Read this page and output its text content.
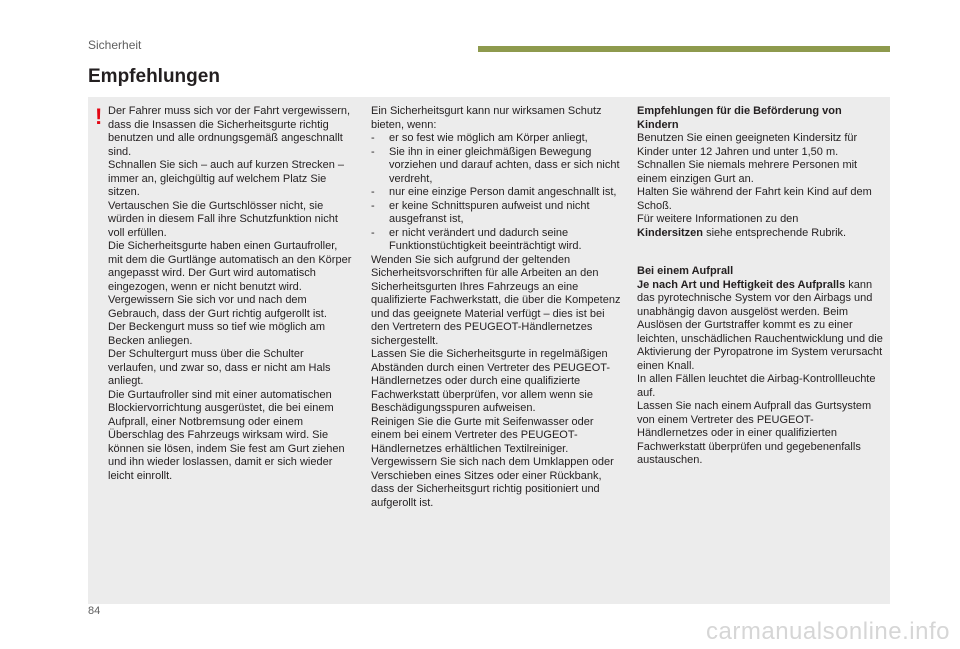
Sicherheit
Empfehlungen
! Der Fahrer muss sich vor der Fahrt vergewissern, dass die Insassen die Sicherheitsgurte richtig benutzen und alle ordnungsgemäß angeschnallt sind.

Schnallen Sie sich – auch auf kurzen Strecken – immer an, gleichgültig auf welchem Platz Sie sitzen.

Vertauschen Sie die Gurtschlösser nicht, sie würden in diesem Fall ihre Schutzfunktion nicht voll erfüllen.

Die Sicherheitsgurte haben einen Gurtaufroller, mit dem die Gurtlänge automatisch an den Körper angepasst wird. Der Gurt wird automatisch eingezogen, wenn er nicht benutzt wird.

Vergewissern Sie sich vor und nach dem Gebrauch, dass der Gurt richtig aufgerollt ist.

Der Beckengurt muss so tief wie möglich am Becken anliegen.

Der Schultergurt muss über die Schulter verlaufen, und zwar so, dass er nicht am Hals anliegt.

Die Gurtaufroller sind mit einer automatischen Blockiervorrichtung ausgerüstet, die bei einem Aufprall, einer Notbremsung oder einem Überschlag des Fahrzeugs wirksam wird. Sie können sie lösen, indem Sie fest am Gurt ziehen und ihn wieder loslassen, damit er sich wieder leicht einrollt.

Ein Sicherheitsgurt kann nur wirksamen Schutz bieten, wenn:

-	er so fest wie möglich am Körper anliegt,
-	Sie ihn in einer gleichmäßigen Bewegung vorziehen und darauf achten, dass er sich nicht verdreht,
-	nur eine einzige Person damit angeschnallt ist,
-	er keine Schnittspuren aufweist und nicht ausgefranst ist,
-	er nicht verändert und dadurch seine Funktionstüchtigkeit beeinträchtigt wird.

Wenden Sie sich aufgrund der geltenden Sicherheitsvorschriften für alle Arbeiten an den Sicherheitsgurten Ihres Fahrzeugs an eine qualifizierte Fachwerkstatt, die über die Kompetenz und das geeignete Material verfügt – dies ist bei den Vertretern des PEUGEOT-Händlernetzes sichergestellt.

Lassen Sie die Sicherheitsgurte in regelmäßigen Abständen durch einen Vertreter des PEUGEOT-Händlernetzes oder durch eine qualifizierte Fachwerkstatt überprüfen, vor allem wenn sie Beschädigungsspuren aufweisen.

Reinigen Sie die Gurte mit Seifenwasser oder einem bei einem Vertreter des PEUGEOT-Händlernetzes erhältlichen Textilreiniger.

Vergewissern Sie sich nach dem Umklappen oder Verschieben eines Sitzes oder einer Rückbank, dass der Sicherheitsgurt richtig positioniert und aufgerollt ist.

Empfehlungen für die Beförderung von Kindern

Benutzen Sie einen geeigneten Kindersitz für Kinder unter 12 Jahren und unter 1,50 m.

Schnallen Sie niemals mehrere Personen mit einem einzigen Gurt an.

Halten Sie während der Fahrt kein Kind auf dem Schoß.

Für weitere Informationen zu den
Kindersitzen siehe entsprechende Rubrik.

Bei einem Aufprall

Je nach Art und Heftigkeit des Aufpralls kann das pyrotechnische System vor den Airbags und unabhängig davon ausgelöst werden. Beim Auslösen der Gurtstraffer kommt es zu einer leichten, unschädlichen Rauchentwicklung und die Aktivierung der Pyropatrone im System verursacht einen Knall.

In allen Fällen leuchtet die Airbag-Kontrollleuchte auf.

Lassen Sie nach einem Aufprall das Gurtsystem von einem Vertreter des PEUGEOT-Händlernetzes oder in einer qualifizierten Fachwerkstatt überprüfen und gegebenenfalls austauschen.

84
carmanualsonline.info
